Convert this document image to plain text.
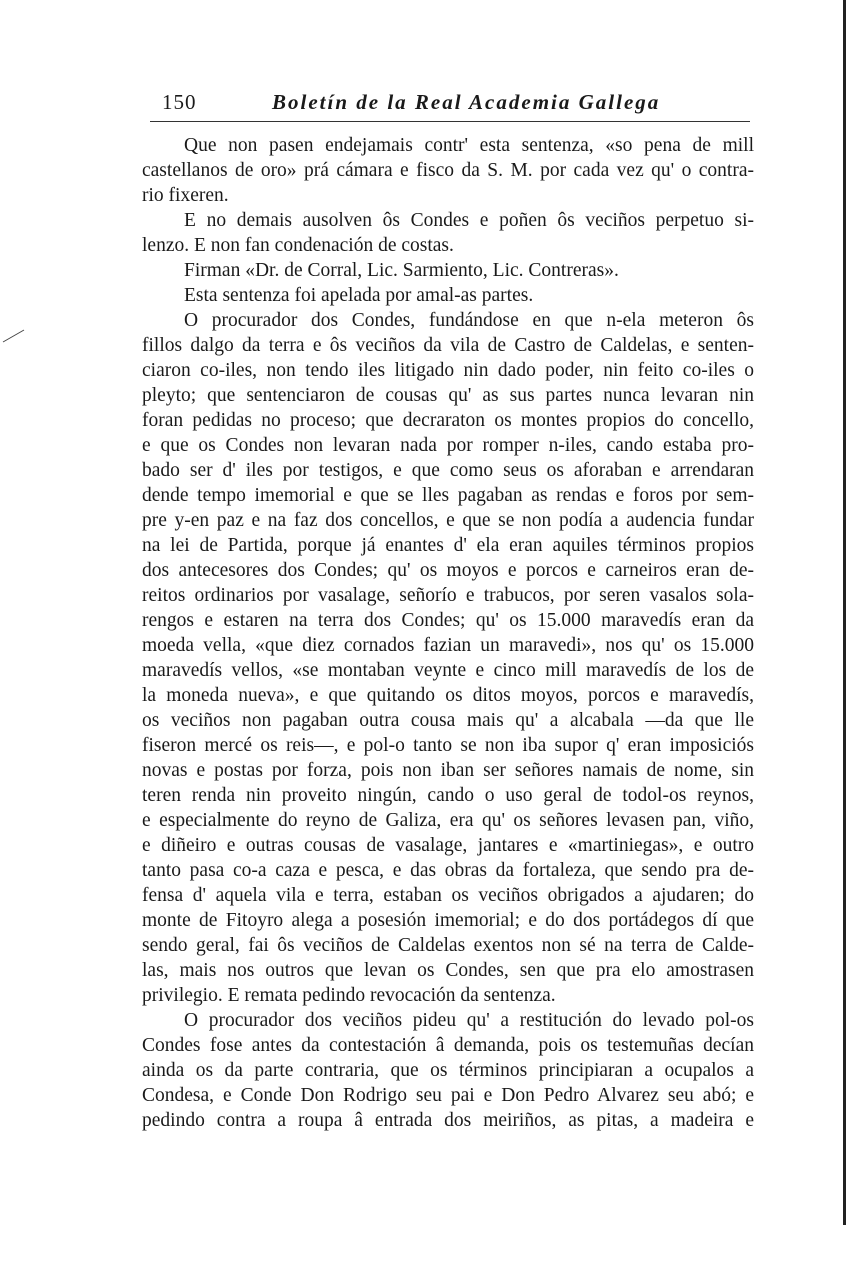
150	Boletín de la Real Academia Gallega
Que non pasen endejamais contr' esta sentenza, «so pena de mill
castellanos de oro» prá cámara e fisco da S. M. por cada vez qu' o contra-
rio fixeren.
E no demais ausolven ôs Condes e poñen ôs veciños perpetuo si-
lenzo. E non fan condenación de costas.
Firman «Dr. de Corral, Lic. Sarmiento, Lic. Contreras».
Esta sentenza foi apelada por amal-as partes.
O procurador dos Condes, fundándose en que n-ela meteron ôs
fillos dalgo da terra e ôs veciños da vila de Castro de Caldelas, e senten-
ciaron co-iles, non tendo iles litigado nin dado poder, nin feito co-iles o
pleyto; que sentenciaron de cousas qu' as sus partes nunca levaran nin
foran pedidas no proceso; que decraraton os montes propios do concello,
e que os Condes non levaran nada por romper n-iles, cando estaba pro-
bado ser d' iles por testigos, e que como seus os aforaban e arrendaran
dende tempo imemorial e que se lles pagaban as rendas e foros por sem-
pre y-en paz e na faz dos concellos, e que se non podía a audencia fundar
na lei de Partida, porque já enantes d' ela eran aquiles términos propios
dos antecesores dos Condes; qu' os moyos e porcos e carneiros eran de-
reitos ordinarios por vasalage, señorío e trabucos, por seren vasalos sola-
rengos e estaren na terra dos Condes; qu' os 15.000 maravedís eran da
moeda vella, «que diez cornados fazian un maravedi», nos qu' os 15.000
maravedís vellos, «se montaban veynte e cinco mill maravedís de los de
la moneda nueva», e que quitando os ditos moyos, porcos e maravedís,
os veciños non pagaban outra cousa mais qu' a alcabala —da que lle
fiseron mercé os reis—, e pol-o tanto se non iba supor q' eran imposiciós
novas e postas por forza, pois non iban ser señores namais de nome, sin
teren renda nin proveito ningún, cando o uso geral de todol-os reynos,
e especialmente do reyno de Galiza, era qu' os señores levasen pan, viño,
e diñeiro e outras cousas de vasalage, jantares e «martiniegas», e outro
tanto pasa co-a caza e pesca, e das obras da fortaleza, que sendo pra de-
fensa d' aquela vila e terra, estaban os veciños obrigados a ajudaren; do
monte de Fitoyro alega a posesión imemorial; e do dos portádegos dí que
sendo geral, fai ôs veciños de Caldelas exentos non sé na terra de Calde-
las, mais nos outros que levan os Condes, sen que pra elo amostrasen
privilegio. E remata pedindo revocación da sentenza.
O procurador dos veciños pideu qu' a restitución do levado pol-os
Condes fose antes da contestación â demanda, pois os testemuñas decían
ainda os da parte contraria, que os términos principiaran a ocupalos a
Condesa, e Conde Don Rodrigo seu pai e Don Pedro Alvarez seu abó; e
pedindo contra a roupa â entrada dos meiriños, as pitas, a madeira e
